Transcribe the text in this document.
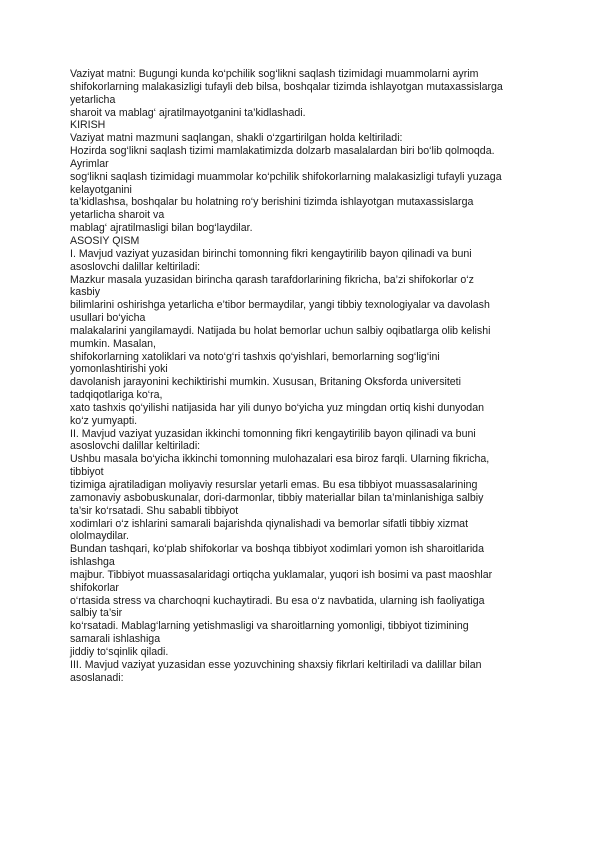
Vaziyat matni: Bugungi kunda ko‘pchilik sog‘likni saqlash tizimidagi muammolarni ayrim
shifokorlarning malakasizligi tufayli deb bilsa, boshqalar tizimda ishlayotgan mutaxassislarga
yetarlicha
sharoit va mablag‘ ajratilmayotganini ta’kidlashadi.
KIRISH
Vaziyat matni mazmuni saqlangan, shakli o‘zgartirilgan holda keltiriladi:
Hozirda sog‘likni saqlash tizimi mamlakatimizda dolzarb masalalardan biri bo‘lib qolmoqda.
Ayrimlar
sog‘likni saqlash tizimidagi muammolar ko‘pchilik shifokorlarning malakasizligi tufayli yuzaga
kelayotganini
ta’kidlashsa, boshqalar bu holatning ro‘y berishini tizimda ishlayotgan mutaxassislarga
yetarlicha sharoit va
mablag‘ ajratilmasligi bilan bog‘laydilar.
ASOSIY QISM
I. Mavjud vaziyat yuzasidan birinchi tomonning fikri kengaytirilib bayon qilinadi va buni
asoslovchi dalillar keltiriladi:
Mazkur masala yuzasidan birincha qarash tarafdorlarining fikricha, ba’zi shifokorlar o‘z
kasbiy
bilimlarini oshirishga yetarlicha e’tibor bermaydilar, yangi tibbiy texnologiyalar va davolash
usullari bo‘yicha
malakalarini yangilamaydi. Natijada bu holat bemorlar uchun salbiy oqibatlarga olib kelishi
mumkin. Masalan,
shifokorlarning xatoliklari va noto‘g‘ri tashxis qo‘yishlari, bemorlarning sog‘lig‘ini
yomonlashtirishi yoki
davolanish jarayonini kechiktirishi mumkin. Xususan, Britaning Oksforda universiteti
tadqiqotlariga ko‘ra,
xato tashxis qo‘yilishi natijasida har yili dunyo bo‘yicha yuz mingdan ortiq kishi dunyodan
ko‘z yumyapti.
II. Mavjud vaziyat yuzasidan ikkinchi tomonning fikri kengaytirilib bayon qilinadi va buni
asoslovchi dalillar keltiriladi:
Ushbu masala bo‘yicha ikkinchi tomonning mulohazalari esa biroz farqli. Ularning fikricha,
tibbiyot
tizimiga ajratiladigan moliyaviy resurslar yetarli emas. Bu esa tibbiyot muassasalarining
zamonaviy asbobuskunalar, dori-darmonlar, tibbiy materiallar bilan ta’minlanishiga salbiy
ta’sir ko‘rsatadi. Shu sababli tibbiyot
xodimlari o‘z ishlarini samarali bajarishda qiynalishadi va bemorlar sifatli tibbiy xizmat
ololmaydilar.
Bundan tashqari, ko‘plab shifokorlar va boshqa tibbiyot xodimlari yomon ish sharoitlarida
ishlashga
majbur. Tibbiyot muassasalaridagi ortiqcha yuklamalar, yuqori ish bosimi va past maoshlar
shifokorlar
o‘rtasida stress va charchoqni kuchaytiradi. Bu esa o‘z navbatida, ularning ish faoliyatiga
salbiy ta’sir
ko‘rsatadi. Mablag‘larning yetishmasligi va sharoitlarning yomonligi, tibbiyot tizimining
samarali ishlashiga
jiddiy to‘sqinlik qiladi.
III. Mavjud vaziyat yuzasidan esse yozuvchining shaxsiy fikrlari keltiriladi va dalillar bilan
asoslanadi:
